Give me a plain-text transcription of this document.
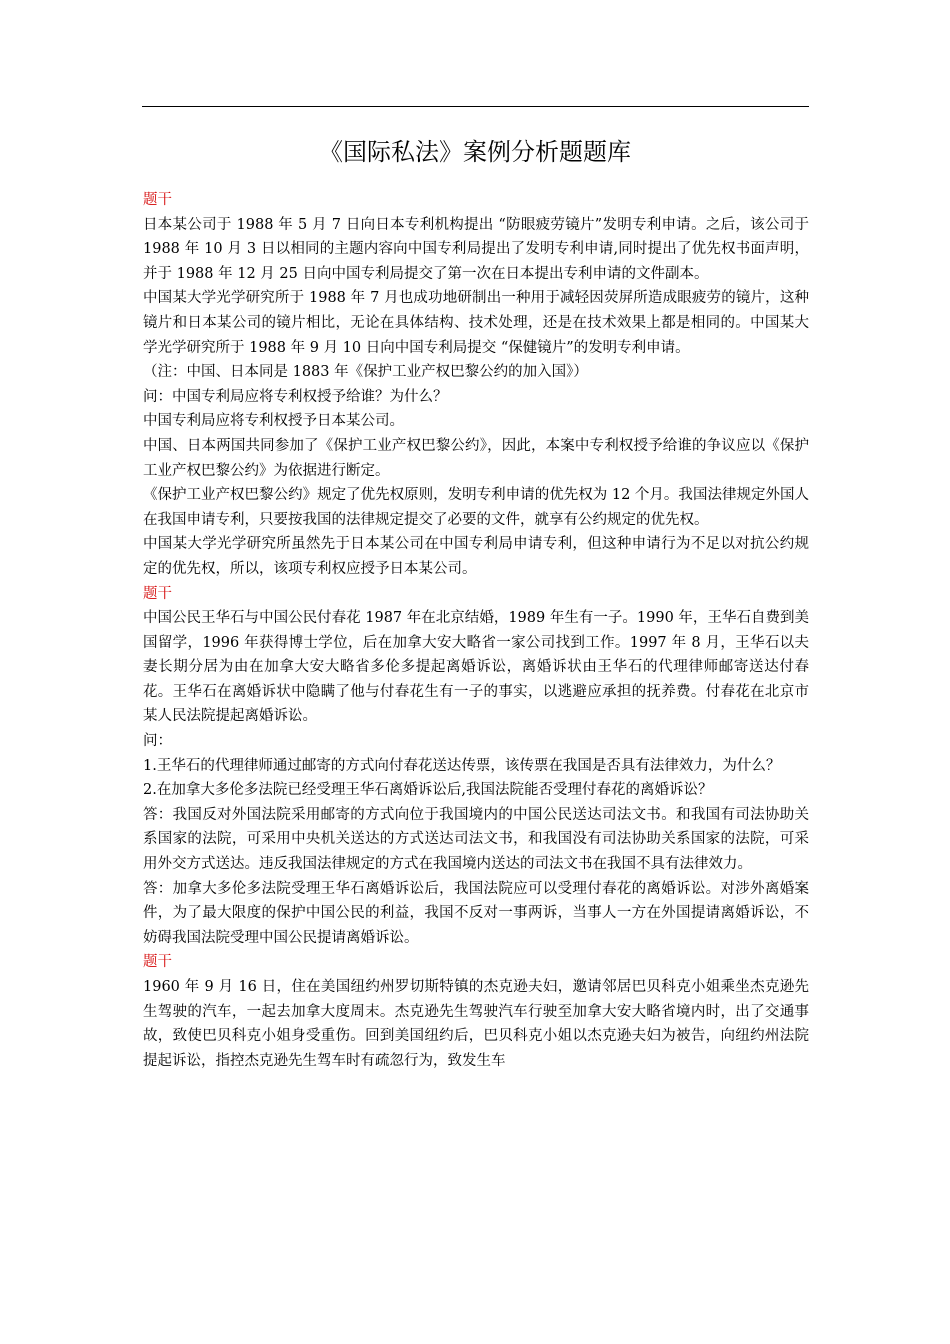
《国际私法》案例分析题题库

题干

日本某公司于 1988 年 5 月 7 日向日本专利机构提出 “防眼疲劳镜片”发明专利申请。之后，该公司于 1988 年 10 月 3 日以相同的主题内容向中国专利局提出了发明专利申请,同时提出了优先权书面声明，并于 1988 年 12 月 25 日向中国专利局提交了第一次在日本提出专利申请的文件副本。

中国某大学光学研究所于 1988 年 7 月也成功地研制出一种用于减轻因荧屏所造成眼疲劳的镜片，这种镜片和日本某公司的镜片相比，无论在具体结构、技术处理，还是在技术效果上都是相同的。中国某大学光学研究所于 1988 年 9 月 10 日向中国专利局提交 “保健镜片”的发明专利申请。

（注：中国、日本同是 1883 年《保护工业产权巴黎公约的加入国》）

问：中国专利局应将专利权授予给谁？为什么？

中国专利局应将专利权授予日本某公司。

中国、日本两国共同参加了《保护工业产权巴黎公约》，因此，本案中专利权授予给谁的争议应以《保护工业产权巴黎公约》为依据进行断定。

《保护工业产权巴黎公约》规定了优先权原则，发明专利申请的优先权为 12 个月。我国法律规定外国人在我国申请专利，只要按我国的法律规定提交了必要的文件，就享有公约规定的优先权。

中国某大学光学研究所虽然先于日本某公司在中国专利局申请专利，但这种申请行为不足以对抗公约规定的优先权，所以，该项专利权应授予日本某公司。

题干

中国公民王华石与中国公民付春花 1987 年在北京结婚，1989 年生有一子。1990 年，王华石自费到美国留学，1996 年获得博士学位，后在加拿大安大略省一家公司找到工作。1997 年 8 月，王华石以夫妻长期分居为由在加拿大安大略省多伦多提起离婚诉讼，离婚诉状由王华石的代理律师邮寄送达付春花。王华石在离婚诉状中隐瞒了他与付春花生有一子的事实，以逃避应承担的抚养费。付春花在北京市某人民法院提起离婚诉讼。

问：

1.王华石的代理律师通过邮寄的方式向付春花送达传票，该传票在我国是否具有法律效力，为什么？

2.在加拿大多伦多法院已经受理王华石离婚诉讼后,我国法院能否受理付春花的离婚诉讼？

答：我国反对外国法院采用邮寄的方式向位于我国境内的中国公民送达司法文书。和我国有司法协助关系国家的法院，可采用中央机关送达的方式送达司法文书，和我国没有司法协助关系国家的法院，可采用外交方式送达。违反我国法律规定的方式在我国境内送达的司法文书在我国不具有法律效力。

答：加拿大多伦多法院受理王华石离婚诉讼后，我国法院应可以受理付春花的离婚诉讼。对涉外离婚案件，为了最大限度的保护中国公民的利益，我国不反对一事两诉，当事人一方在外国提请离婚诉讼，不妨碍我国法院受理中国公民提请离婚诉讼。

题干

1960 年 9 月 16 日，住在美国纽约州罗切斯特镇的杰克逊夫妇，邀请邻居巴贝科克小姐乘坐杰克逊先生驾驶的汽车，一起去加拿大度周末。杰克逊先生驾驶汽车行驶至加拿大安大略省境内时，出了交通事故，致使巴贝科克小姐身受重伤。回到美国纽约后，巴贝科克小姐以杰克逊夫妇为被告，向纽约州法院提起诉讼，指控杰克逊先生驾车时有疏忽行为，致发生车
